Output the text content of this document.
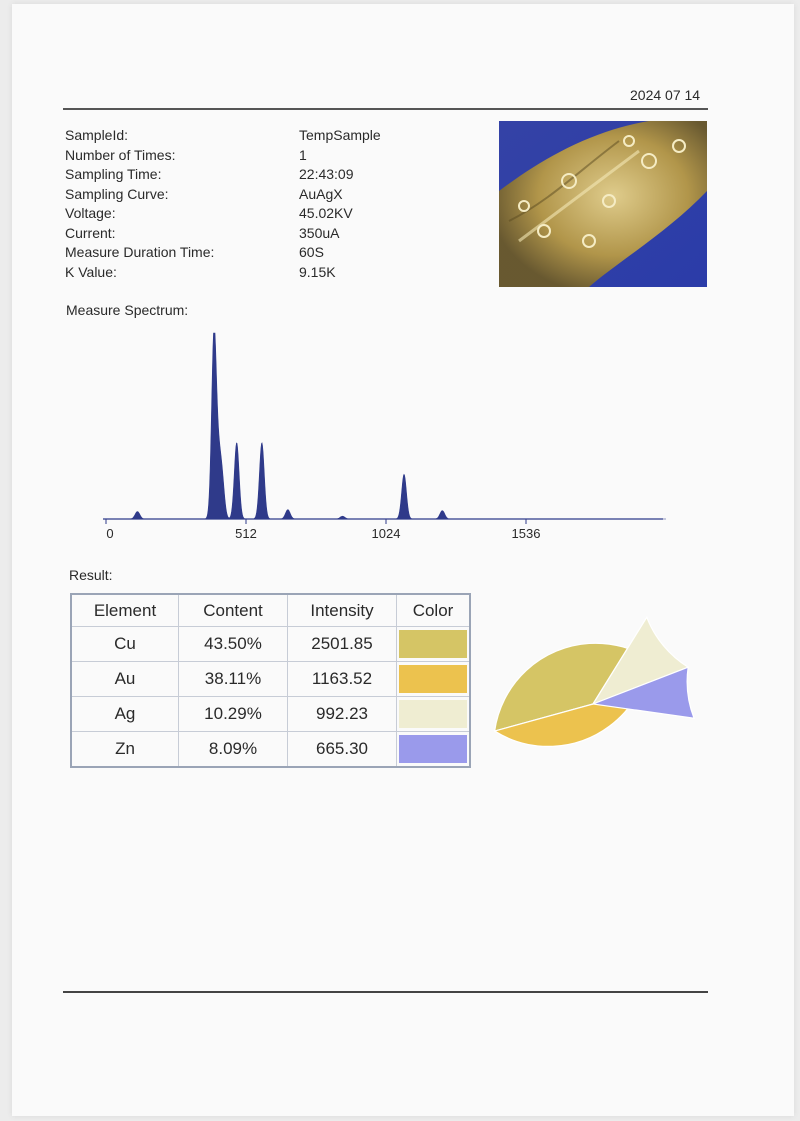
2024 07 14
SampleId:	TempSample
Number of Times:	1
Sampling Time:	22:43:09
Sampling Curve:	AuAgX
Voltage:	45.02KV
Current:	350uA
Measure Duration Time:	60S
K Value:	9.15K
Measure Spectrum:
0	512	1024	1536
Result:
Element	Content	Intensity	Color
Cu	43.50%	2501.85	

Au	38.11%	1163.52	

Ag	10.29%	992.23	

Zn	8.09%	665.30	
